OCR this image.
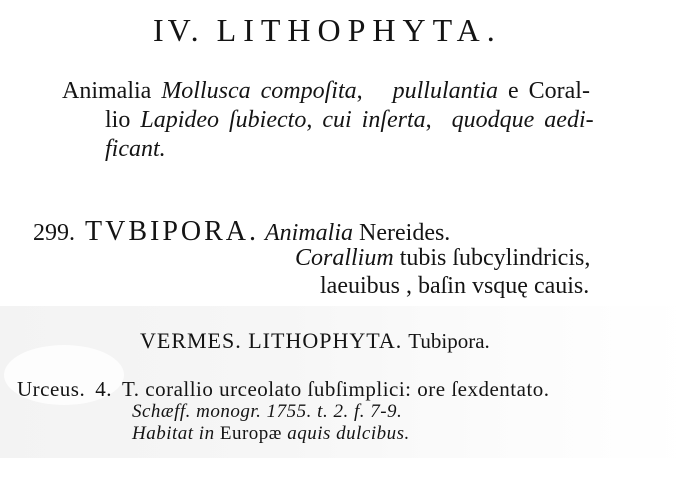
IV. LITHOPHYTA.
Animalia Mollusca compoſita,   pullulantia e Coral-
lio Lapideo ſubiecto, cui inſerta,  quodque aedi-
ficant.
299. TVBIPORA. Animalia Nereides.
Corallium tubis ſubcylindricis,
laeuibus , baſin vsquę cauis.
VERMES. LITHOPHYTA. Tubipora.
Urceus. 4. T. corallio urceolato ſubſimplici: ore ſexdentato.
Schæff. monogr. 1755. t. 2. f. 7-9.
Habitat in Europæ aquis dulcibus.
